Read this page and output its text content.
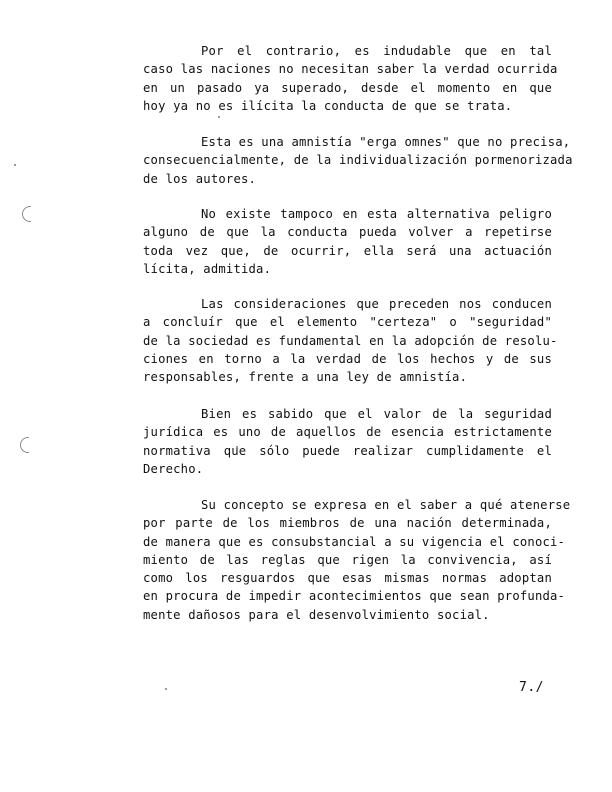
Por el contrario, es indudable que en tal
caso las naciones no necesitan saber la verdad ocurrida
en un pasado ya superado, desde el momento en que
hoy ya no es ilícita la conducta de que se trata.
Esta es una amnistía "erga omnes" que no precisa,
consecuencialmente, de la individualización pormenorizada
de los autores.
No existe tampoco en esta alternativa peligro
alguno de que la conducta pueda volver a repetirse
toda vez que, de ocurrir, ella será una actuación
lícita, admitida.
Las consideraciones que preceden nos conducen
a concluír que el elemento "certeza" o "seguridad"
de la sociedad es fundamental en la adopción de resolu-
ciones en torno a la verdad de los hechos y de sus
responsables, frente a una ley de amnistía.
Bien es sabido que el valor de la seguridad
jurídica es uno de aquellos de esencia estrictamente
normativa que sólo puede realizar cumplidamente el
Derecho.
Su concepto se expresa en el saber a qué atenerse
por parte de los miembros de una nación determinada,
de manera que es consubstancial a su vigencia el conoci-
miento de las reglas que rigen la convivencia, así
como los resguardos que esas mismas normas adoptan
en procura de impedir acontecimientos que sean profunda-
mente dañosos para el desenvolvimiento social.
7./
